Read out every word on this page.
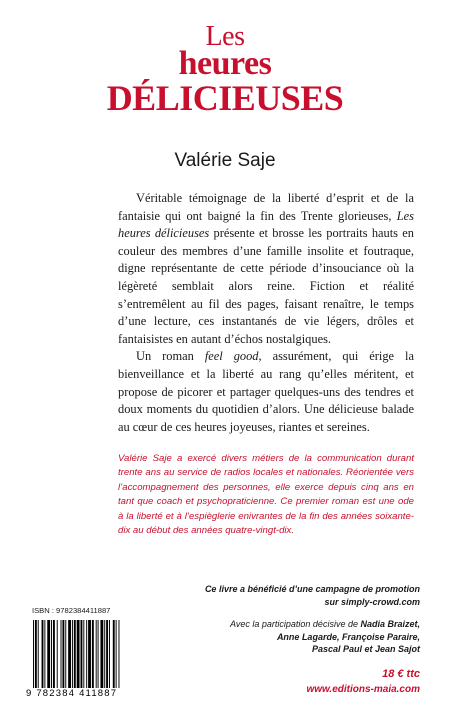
Les
heures
DÉLICIEUSES
Valérie Saje

Véritable témoignage de la liberté d’esprit et de la fantaisie qui ont baigné la fin des Trente glorieuses, Les heures délicieuses présente et brosse les portraits hauts en couleur des membres d’une famille insolite et foutraque, digne représentante de cette période d’insouciance où la légèreté semblait alors reine. Fiction et réalité s’entremêlent au fil des pages, faisant renaître, le temps d’une lecture, ces instantanés de vie légers, drôles et fantaisistes en autant d’échos nostalgiques.

Un roman feel good, assurément, qui érige la bienveillance et la liberté au rang qu’elles méritent, et propose de picorer et partager quelques-uns des tendres et doux moments du quotidien d’alors. Une délicieuse balade au cœur de ces heures joyeuses, riantes et sereines.

Valérie Saje a exercé divers métiers de la communication durant trente ans au service de radios locales et nationales. Réorientée vers l’accompagnement des personnes, elle exerce depuis cinq ans en tant que coach et psychopraticienne. Ce premier roman est une ode à la liberté et à l’espièglerie enivrantes de la fin des années soixante-dix au début des années quatre-vingt-dix.
ISBN : 9782384411887
9 782384 411887
Ce livre a bénéficié d’une campagne de promotion
sur simply-crowd.com
Avec la participation décisive de Nadia Braizet,
Anne Lagarde, Françoise Paraire,
Pascal Paul et Jean Sajot
18 € ttc
www.editions-maia.com
